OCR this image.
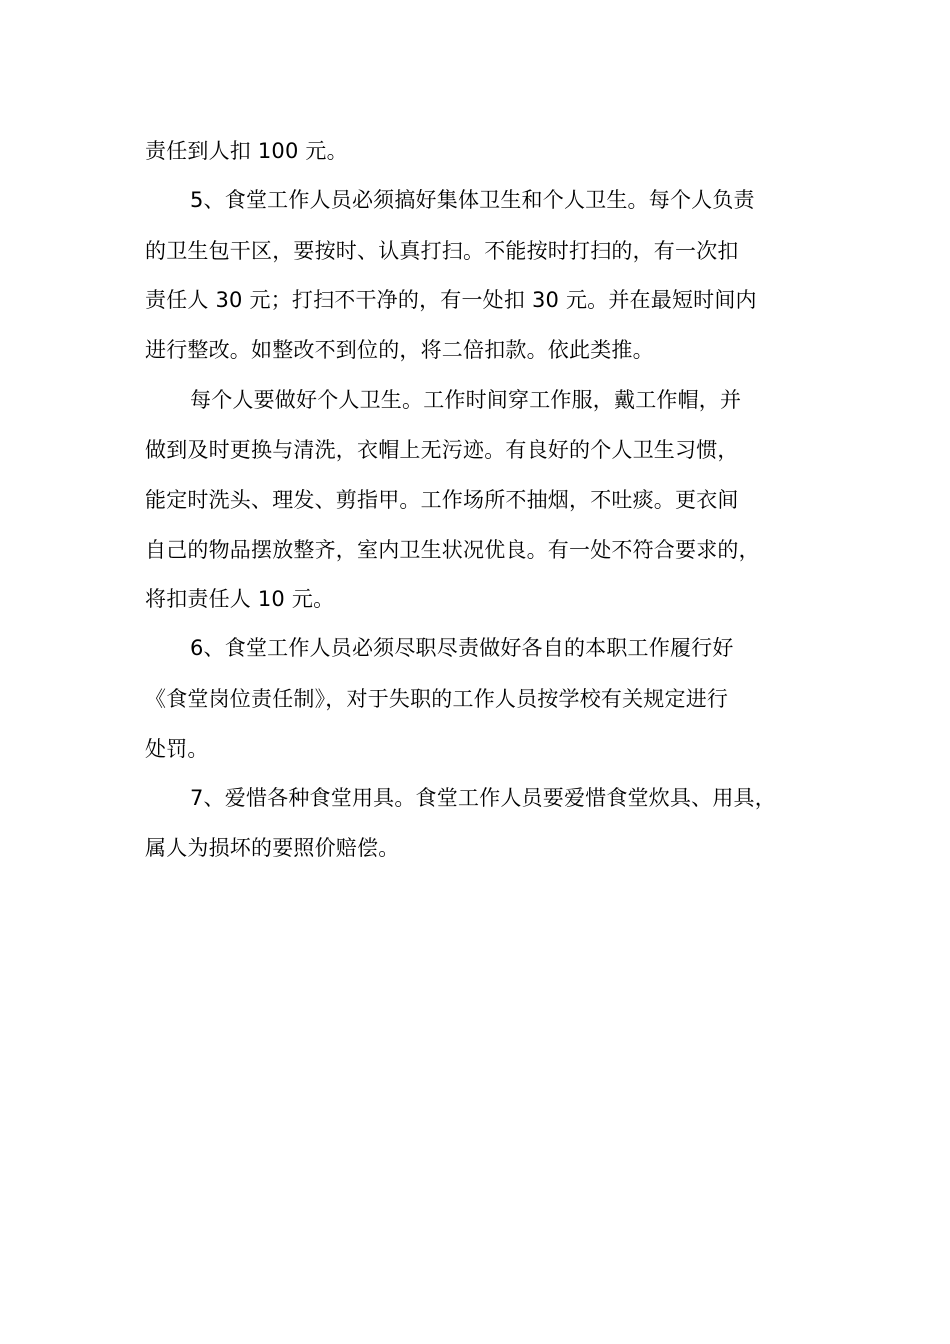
责任到人扣 100 元。
5、食堂工作人员必须搞好集体卫生和个人卫生。每个人负责
的卫生包干区，要按时、认真打扫。不能按时打扫的，有一次扣
责任人 30 元；打扫不干净的，有一处扣 30 元。并在最短时间内
进行整改。如整改不到位的，将二倍扣款。依此类推。
每个人要做好个人卫生。工作时间穿工作服，戴工作帽，并
做到及时更换与清洗，衣帽上无污迹。有良好的个人卫生习惯，
能定时洗头、理发、剪指甲。工作场所不抽烟，不吐痰。更衣间
自己的物品摆放整齐，室内卫生状况优良。有一处不符合要求的，
将扣责任人 10 元。
6、食堂工作人员必须尽职尽责做好各自的本职工作履行好
《食堂岗位责任制》，对于失职的工作人员按学校有关规定进行
处罚。
7、爱惜各种食堂用具。食堂工作人员要爱惜食堂炊具、用具，
属人为损坏的要照价赔偿。
